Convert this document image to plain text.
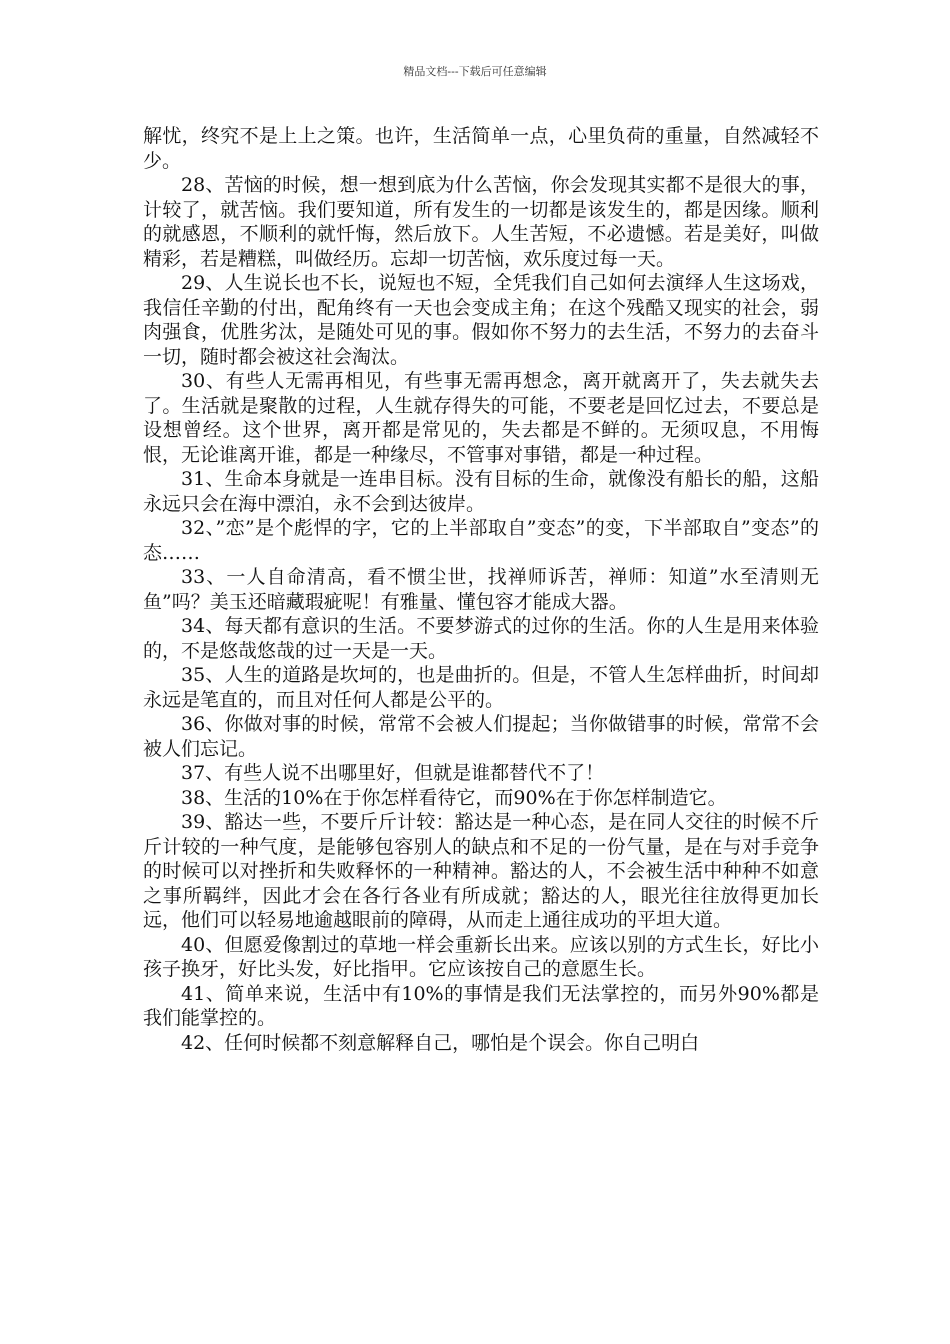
精品文档---下载后可任意编辑

解忧，终究不是上上之策。也许，生活简单一点，心里负荷的重量，自然减轻不少。

28、苦恼的时候，想一想到底为什么苦恼，你会发现其实都不是很大的事，计较了，就苦恼。我们要知道，所有发生的一切都是该发生的，都是因缘。顺利的就感恩，不顺利的就忏悔，然后放下。人生苦短，不必遗憾。若是美好，叫做精彩，若是糟糕，叫做经历。忘却一切苦恼，欢乐度过每一天。

29、人生说长也不长，说短也不短，全凭我们自己如何去演绎人生这场戏，我信任辛勤的付出，配角终有一天也会变成主角；在这个残酷又现实的社会，弱肉强食，优胜劣汰，是随处可见的事。假如你不努力的去生活，不努力的去奋斗一切，随时都会被这社会淘汰。

30、有些人无需再相见，有些事无需再想念，离开就离开了，失去就失去了。生活就是聚散的过程，人生就存得失的可能，不要老是回忆过去，不要总是设想曾经。这个世界，离开都是常见的，失去都是不鲜的。无须叹息，不用悔恨，无论谁离开谁，都是一种缘尽，不管事对事错，都是一种过程。

31、生命本身就是一连串目标。没有目标的生命，就像没有船长的船，这船永远只会在海中漂泊，永不会到达彼岸。

32、”恋”是个彪悍的字，它的上半部取自”变态”的变，下半部取自”变态”的态……

33、一人自命清高，看不惯尘世，找禅师诉苦，禅师：知道”水至清则无鱼”吗？美玉还暗藏瑕疵呢！有雅量、懂包容才能成大器。

34、每天都有意识的生活。不要梦游式的过你的生活。你的人生是用来体验的，不是悠哉悠哉的过一天是一天。

35、人生的道路是坎坷的，也是曲折的。但是，不管人生怎样曲折，时间却永远是笔直的，而且对任何人都是公平的。

36、你做对事的时候，常常不会被人们提起；当你做错事的时候，常常不会被人们忘记。

37、有些人说不出哪里好，但就是谁都替代不了！

38、生活的10%在于你怎样看待它，而90%在于你怎样制造它。

39、豁达一些，不要斤斤计较：豁达是一种心态，是在同人交往的时候不斤斤计较的一种气度，是能够包容别人的缺点和不足的一份气量，是在与对手竞争的时候可以对挫折和失败释怀的一种精神。豁达的人，不会被生活中种种不如意之事所羁绊，因此才会在各行各业有所成就；豁达的人，眼光往往放得更加长远，他们可以轻易地逾越眼前的障碍，从而走上通往成功的平坦大道。

40、但愿爱像割过的草地一样会重新长出来。应该以别的方式生长，好比小孩子换牙，好比头发，好比指甲。它应该按自己的意愿生长。

41、简单来说，生活中有10%的事情是我们无法掌控的，而另外90%都是我们能掌控的。

42、任何时候都不刻意解释自己，哪怕是个误会。你自己明白
